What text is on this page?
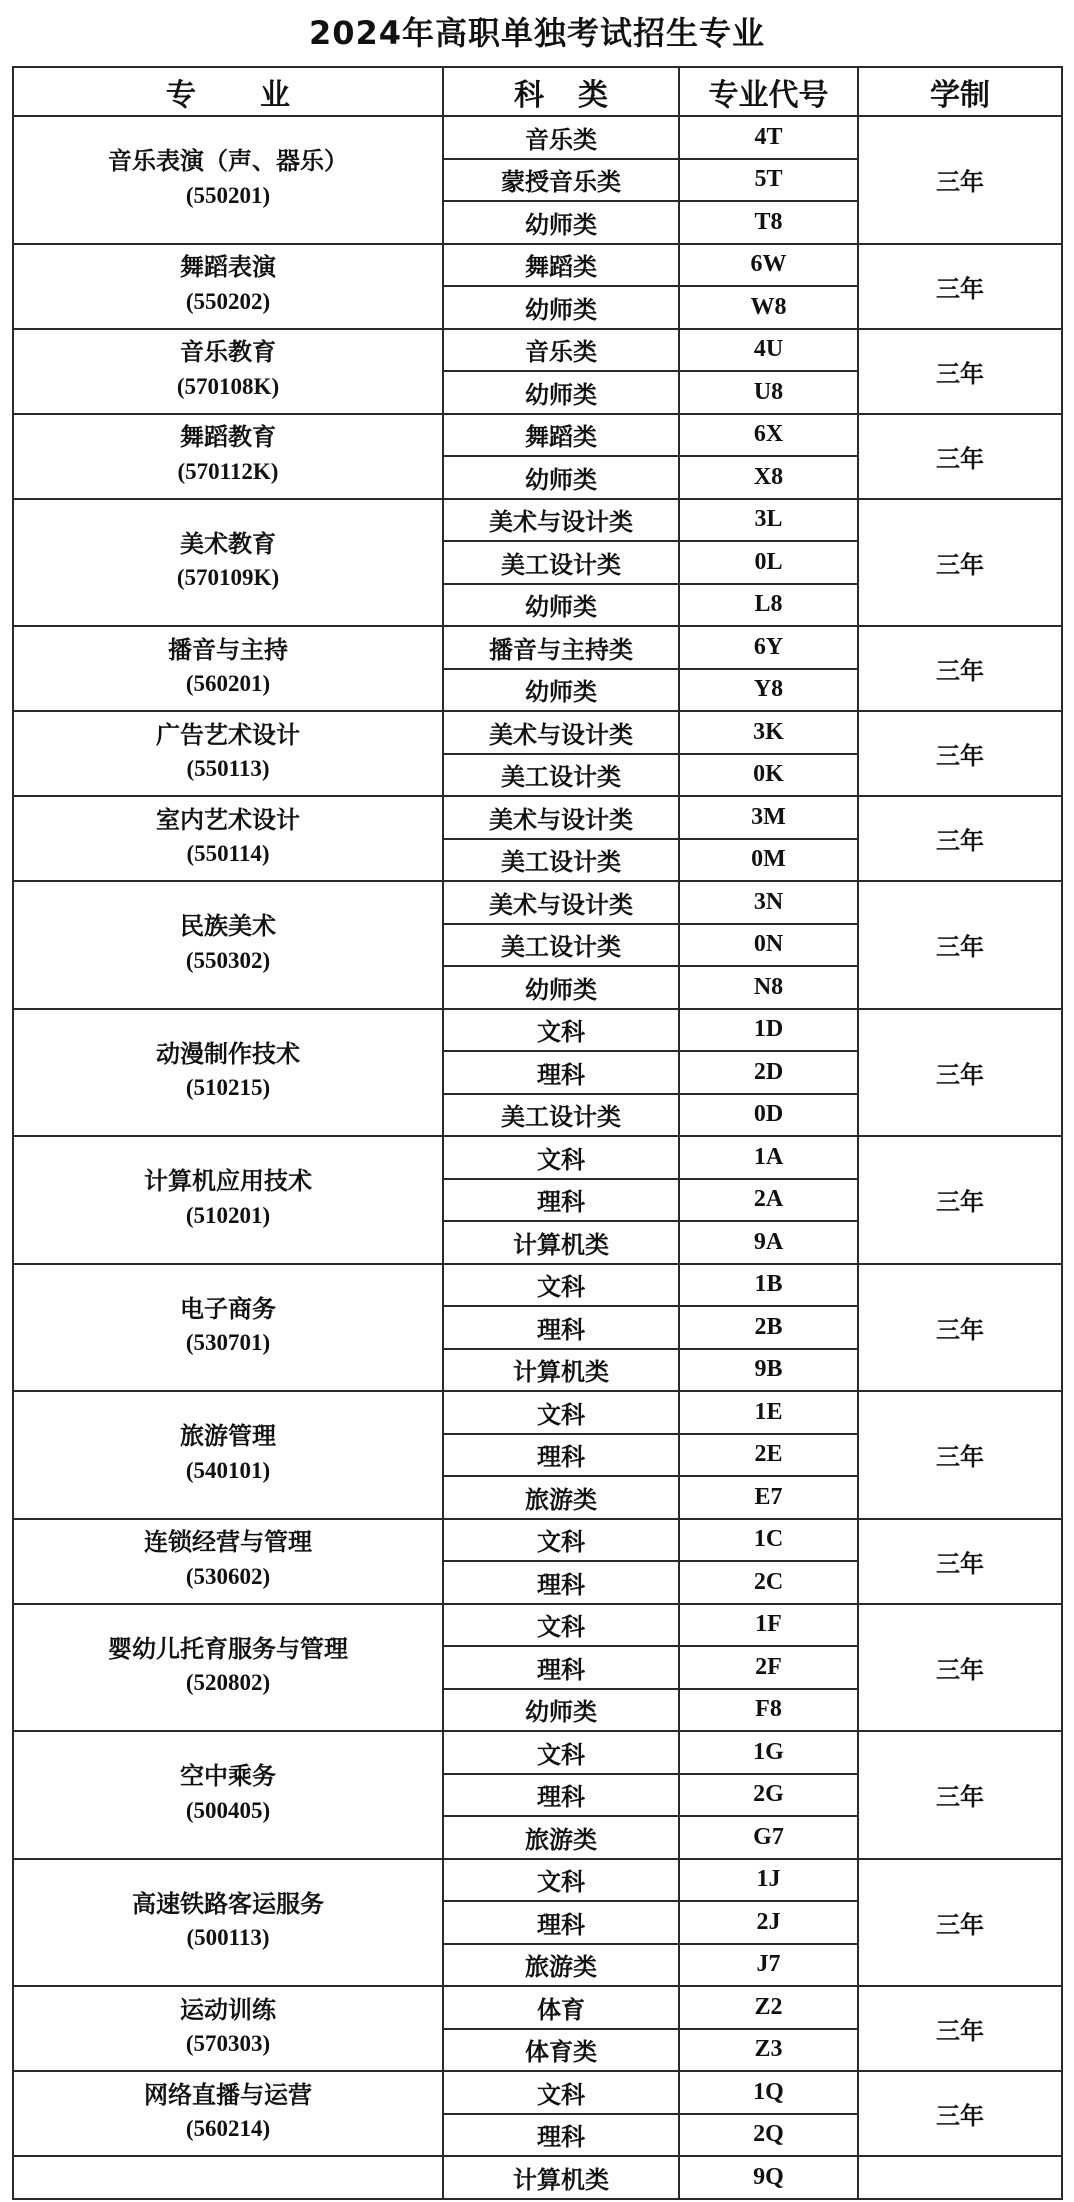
2024年高职单独考试招生专业
专业	科类	专业代号	学制

音乐表演（声、器乐）
(550201)	音乐类	4T	三年
	蒙授音乐类	5T	
	幼师类	T8	

舞蹈表演
(550202)	舞蹈类	6W	三年
	幼师类	W8	

音乐教育
(570108K)	音乐类	4U	三年
	幼师类	U8	

舞蹈教育
(570112K)	舞蹈类	6X	三年
	幼师类	X8	

美术教育
(570109K)	美术与设计类	3L	三年
	美工设计类	0L	
	幼师类	L8	

播音与主持
(560201)	播音与主持类	6Y	三年
	幼师类	Y8	

广告艺术设计
(550113)	美术与设计类	3K	三年
	美工设计类	0K	

室内艺术设计
(550114)	美术与设计类	3M	三年
	美工设计类	0M	

民族美术
(550302)	美术与设计类	3N	三年
	美工设计类	0N	
	幼师类	N8	

动漫制作技术
(510215)	文科	1D	三年
	理科	2D	
	美工设计类	0D	

计算机应用技术
(510201)	文科	1A	三年
	理科	2A	
	计算机类	9A	

电子商务
(530701)	文科	1B	三年
	理科	2B	
	计算机类	9B	

旅游管理
(540101)	文科	1E	三年
	理科	2E	
	旅游类	E7	

连锁经营与管理
(530602)	文科	1C	三年
	理科	2C	

婴幼儿托育服务与管理
(520802)	文科	1F	三年
	理科	2F	
	幼师类	F8	

空中乘务
(500405)	文科	1G	三年
	理科	2G	
	旅游类	G7	

高速铁路客运服务
(500113)	文科	1J	三年
	理科	2J	
	旅游类	J7	

运动训练
(570303)	体育	Z2	三年
	体育类	Z3	

网络直播与运营
(560214)	文科	1Q	三年
	理科	2Q	
	计算机类	9Q	
